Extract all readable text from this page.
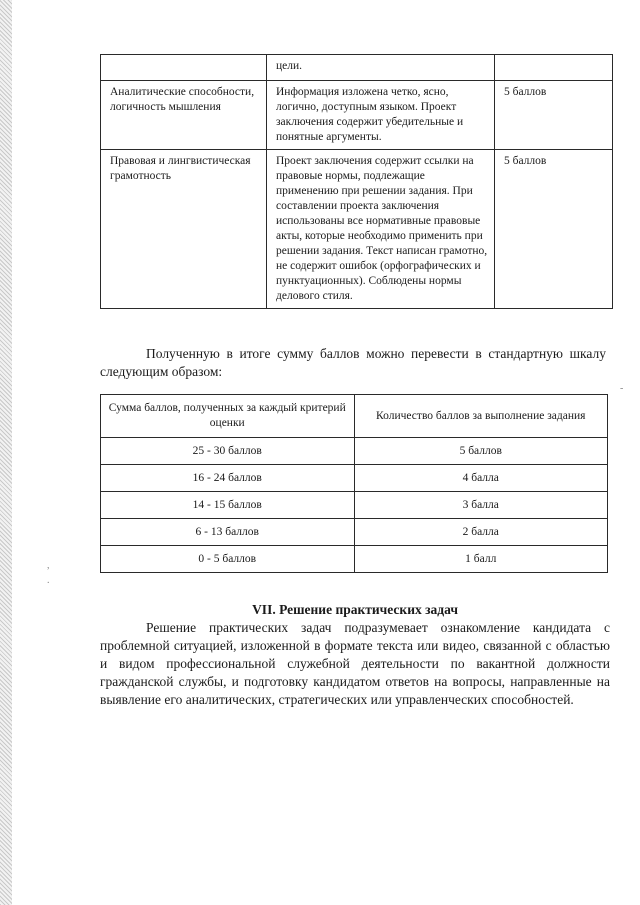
	цели.	
Аналитические способности, логичность мышления	Информация изложена четко, ясно, логично, доступным языком. Проект заключения содержит убедительные и понятные аргументы.	5 баллов
Правовая и лингвистическая грамотность	Проект заключения содержит ссылки на правовые нормы, подлежащие применению при решении задания. При составлении проекта заключения использованы все нормативные правовые акты, которые необходимо применить при решении задания. Текст написан грамотно, не содержит ошибок (орфографических и пунктуационных). Соблюдены нормы делового стиля.	5 баллов

Полученную в итоге сумму баллов можно перевести в стандартную шкалу следующим образом:

Сумма баллов, полученных за каждый критерий оценки	Количество баллов за выполнение задания
25 - 30 баллов	5 баллов
16 - 24 баллов	4 балла
14 - 15 баллов	3 балла
6 - 13 баллов	2 балла
0 - 5 баллов	1 балл
VII. Решение практических задач

Решение практических задач подразумевает ознакомление кандидата с проблемной ситуацией, изложенной в формате текста или видео, связанной с областью и видом профессиональной служебной деятельности по вакантной должности гражданской службы, и подготовку кандидатом ответов на вопросы, направленные на выявление его аналитических, стратегических или управленческих способностей.

-
,
.
